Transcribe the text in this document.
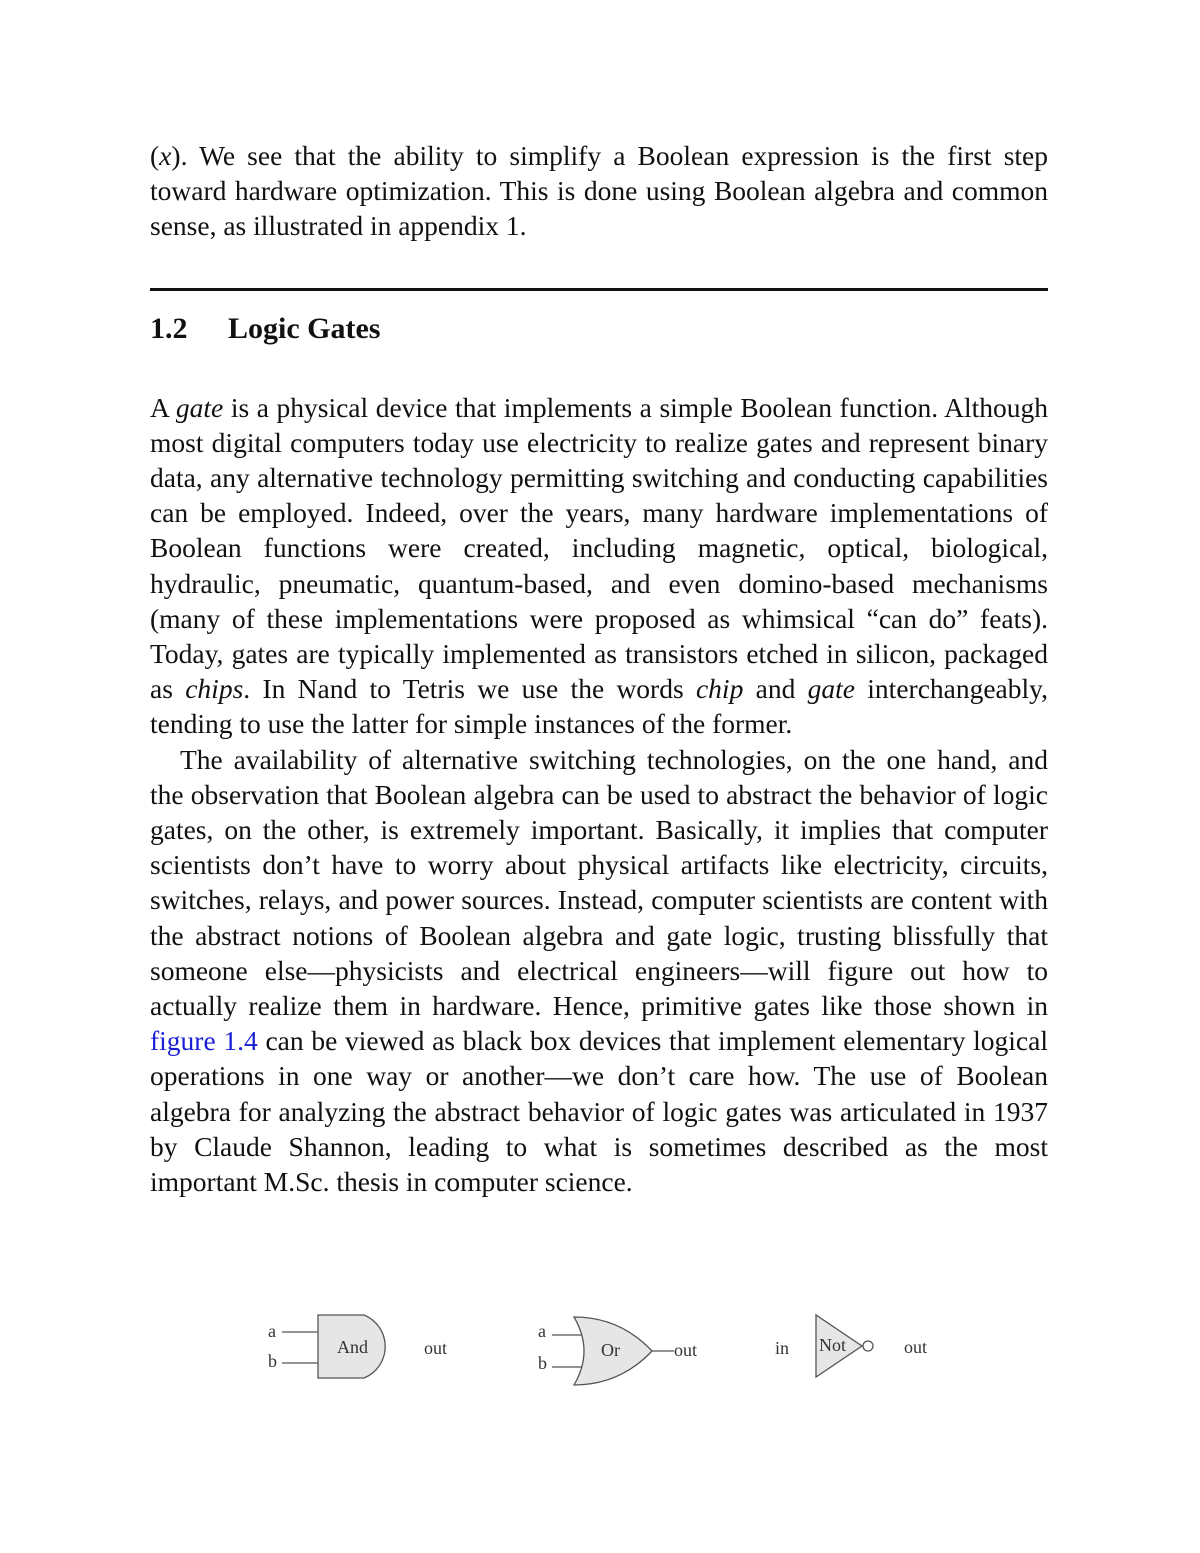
(x). We see that the ability to simplify a Boolean expression is the first step toward hardware optimization. This is done using Boolean algebra and common sense, as illustrated in appendix 1.

1.2 Logic Gates

A gate is a physical device that implements a simple Boolean function. Although most digital computers today use electricity to realize gates and represent binary data, any alternative technology permitting switching and conducting capabilities can be employed. Indeed, over the years, many hardware implementations of Boolean functions were created, including magnetic, optical, biological, hydraulic, pneumatic, quantum-based, and even domino-based mechanisms (many of these implementations were proposed as whimsical “can do” feats). Today, gates are typically implemented as transistors etched in silicon, packaged as chips. In Nand to Tetris we use the words chip and gate interchangeably, tending to use the latter for simple instances of the former.

The availability of alternative switching technologies, on the one hand, and the observation that Boolean algebra can be used to abstract the behavior of logic gates, on the other, is extremely important. Basically, it implies that computer scientists don’t have to worry about physical artifacts like electricity, circuits, switches, relays, and power sources. Instead, computer scientists are content with the abstract notions of Boolean algebra and gate logic, trusting blissfully that someone else—physicists and electrical engineers—will figure out how to actually realize them in hardware. Hence, primitive gates like those shown in figure 1.4 can be viewed as black box devices that implement elementary logical operations in one way or another—we don’t care how. The use of Boolean algebra for analyzing the abstract behavior of logic gates was articulated in 1937 by Claude Shannon, leading to what is sometimes described as the most important M.Sc. thesis in computer science.

a
b
And	out
a
b
Or	out	in Not	out
